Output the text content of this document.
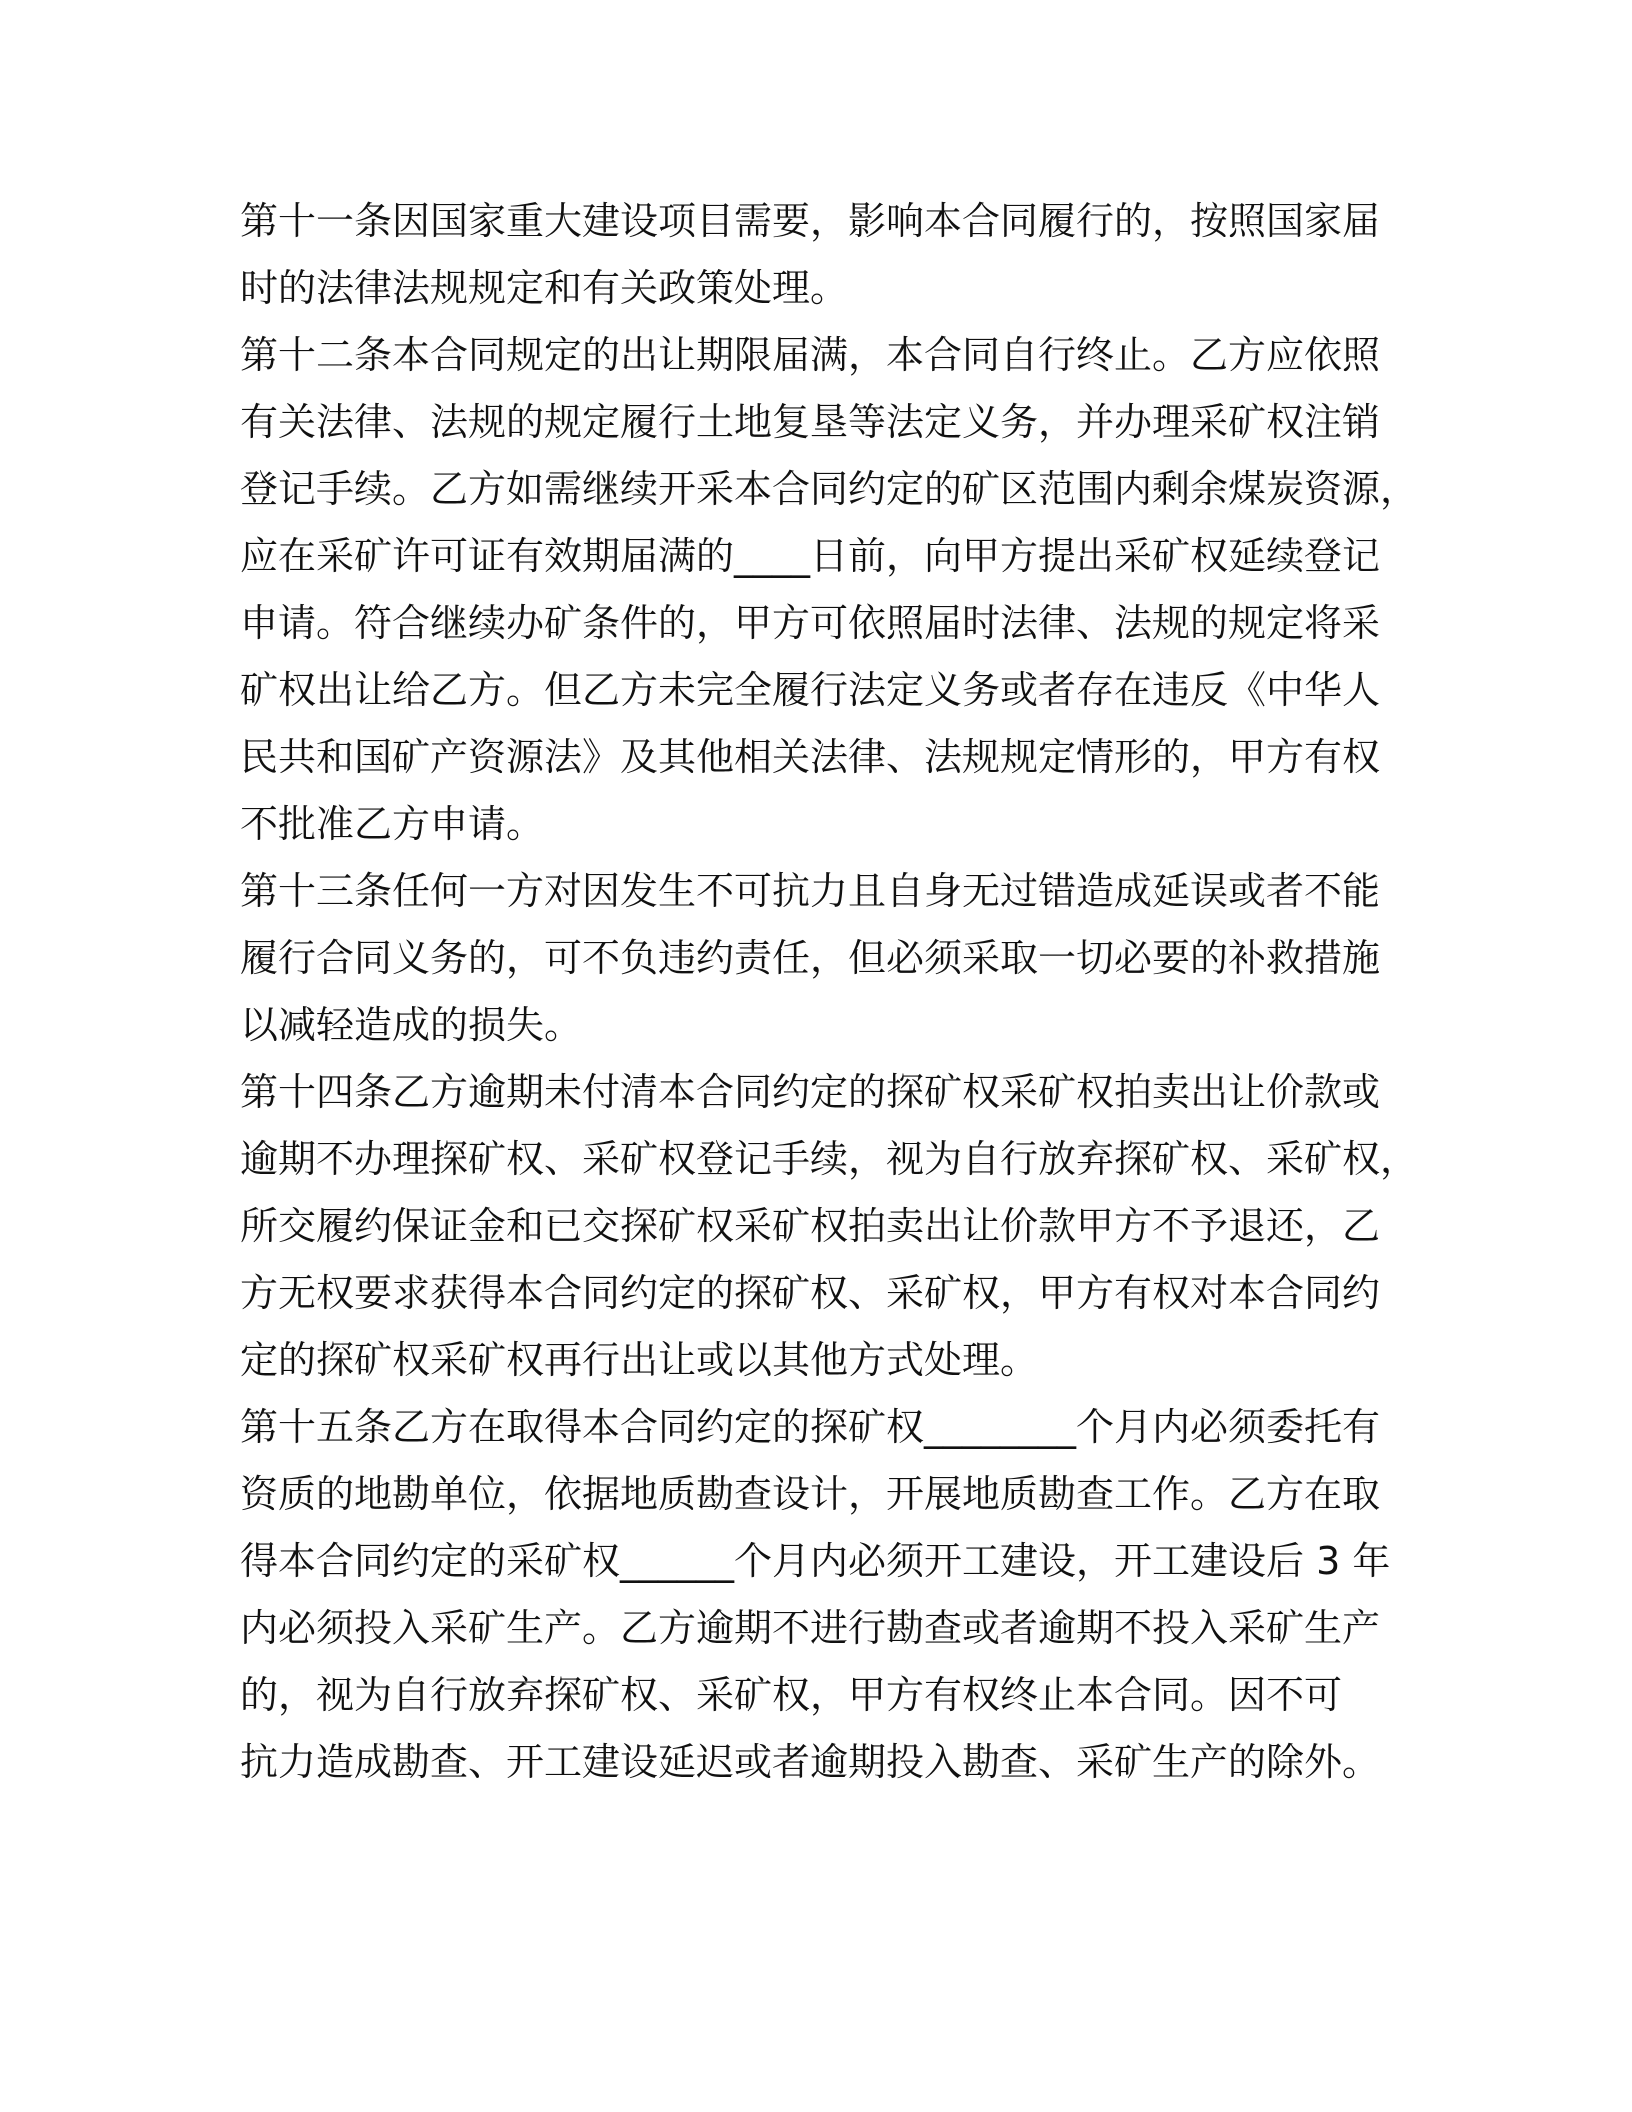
第十一条因国家重大建设项目需要，影响本合同履行的，按照国家届
时的法律法规规定和有关政策处理。
第十二条本合同规定的出让期限届满，本合同自行终止。乙方应依照
有关法律、法规的规定履行土地复垦等法定义务，并办理采矿权注销
登记手续。乙方如需继续开采本合同约定的矿区范围内剩余煤炭资源，
应在采矿许可证有效期届满的____日前，向甲方提出采矿权延续登记
申请。符合继续办矿条件的，甲方可依照届时法律、法规的规定将采
矿权出让给乙方。但乙方未完全履行法定义务或者存在违反《中华人
民共和国矿产资源法》及其他相关法律、法规规定情形的，甲方有权
不批准乙方申请。
第十三条任何一方对因发生不可抗力且自身无过错造成延误或者不能
履行合同义务的，可不负违约责任，但必须采取一切必要的补救措施
以减轻造成的损失。
第十四条乙方逾期未付清本合同约定的探矿权采矿权拍卖出让价款或
逾期不办理探矿权、采矿权登记手续，视为自行放弃探矿权、采矿权，
所交履约保证金和已交探矿权采矿权拍卖出让价款甲方不予退还，乙
方无权要求获得本合同约定的探矿权、采矿权，甲方有权对本合同约
定的探矿权采矿权再行出让或以其他方式处理。
第十五条乙方在取得本合同约定的探矿权________个月内必须委托有
资质的地勘单位，依据地质勘查设计，开展地质勘查工作。乙方在取
得本合同约定的采矿权______个月内必须开工建设，开工建设后 3 年
内必须投入采矿生产。乙方逾期不进行勘查或者逾期不投入采矿生产
的，视为自行放弃探矿权、采矿权，甲方有权终止本合同。因不可
抗力造成勘查、开工建设延迟或者逾期投入勘查、采矿生产的除外。
